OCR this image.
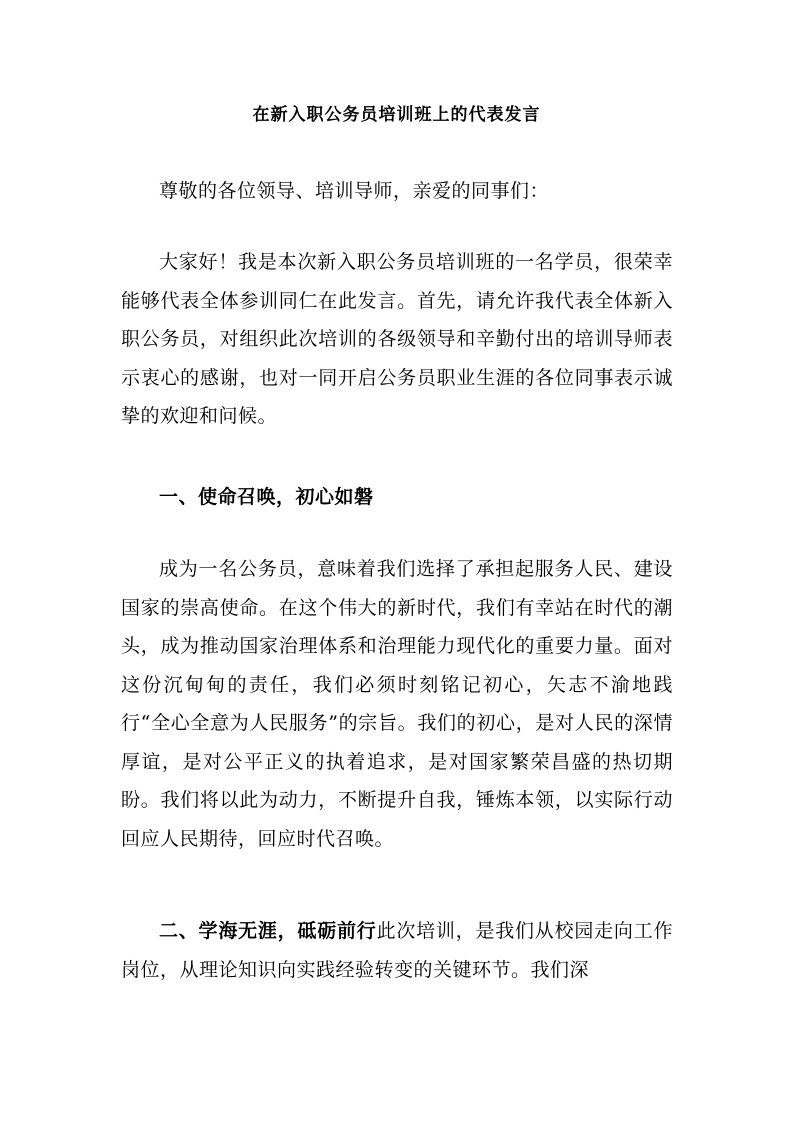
在新入职公务员培训班上的代表发言
尊敬的各位领导、培训导师，亲爱的同事们：
大家好！我是本次新入职公务员培训班的一名学员，很荣幸能够代表全体参训同仁在此发言。首先，请允许我代表全体新入职公务员，对组织此次培训的各级领导和辛勤付出的培训导师表示衷心的感谢，也对一同开启公务员职业生涯的各位同事表示诚挚的欢迎和问候。
一、使命召唤，初心如磐
成为一名公务员，意味着我们选择了承担起服务人民、建设国家的崇高使命。在这个伟大的新时代，我们有幸站在时代的潮头，成为推动国家治理体系和治理能力现代化的重要力量。面对这份沉甸甸的责任，我们必须时刻铭记初心，矢志不渝地践行“全心全意为人民服务”的宗旨。我们的初心，是对人民的深情厚谊，是对公平正义的执着追求，是对国家繁荣昌盛的热切期盼。我们将以此为动力，不断提升自我，锤炼本领，以实际行动回应人民期待，回应时代召唤。
二、学海无涯，砥砺前行此次培训，是我们从校园走向工作岗位，从理论知识向实践经验转变的关键环节。我们深
